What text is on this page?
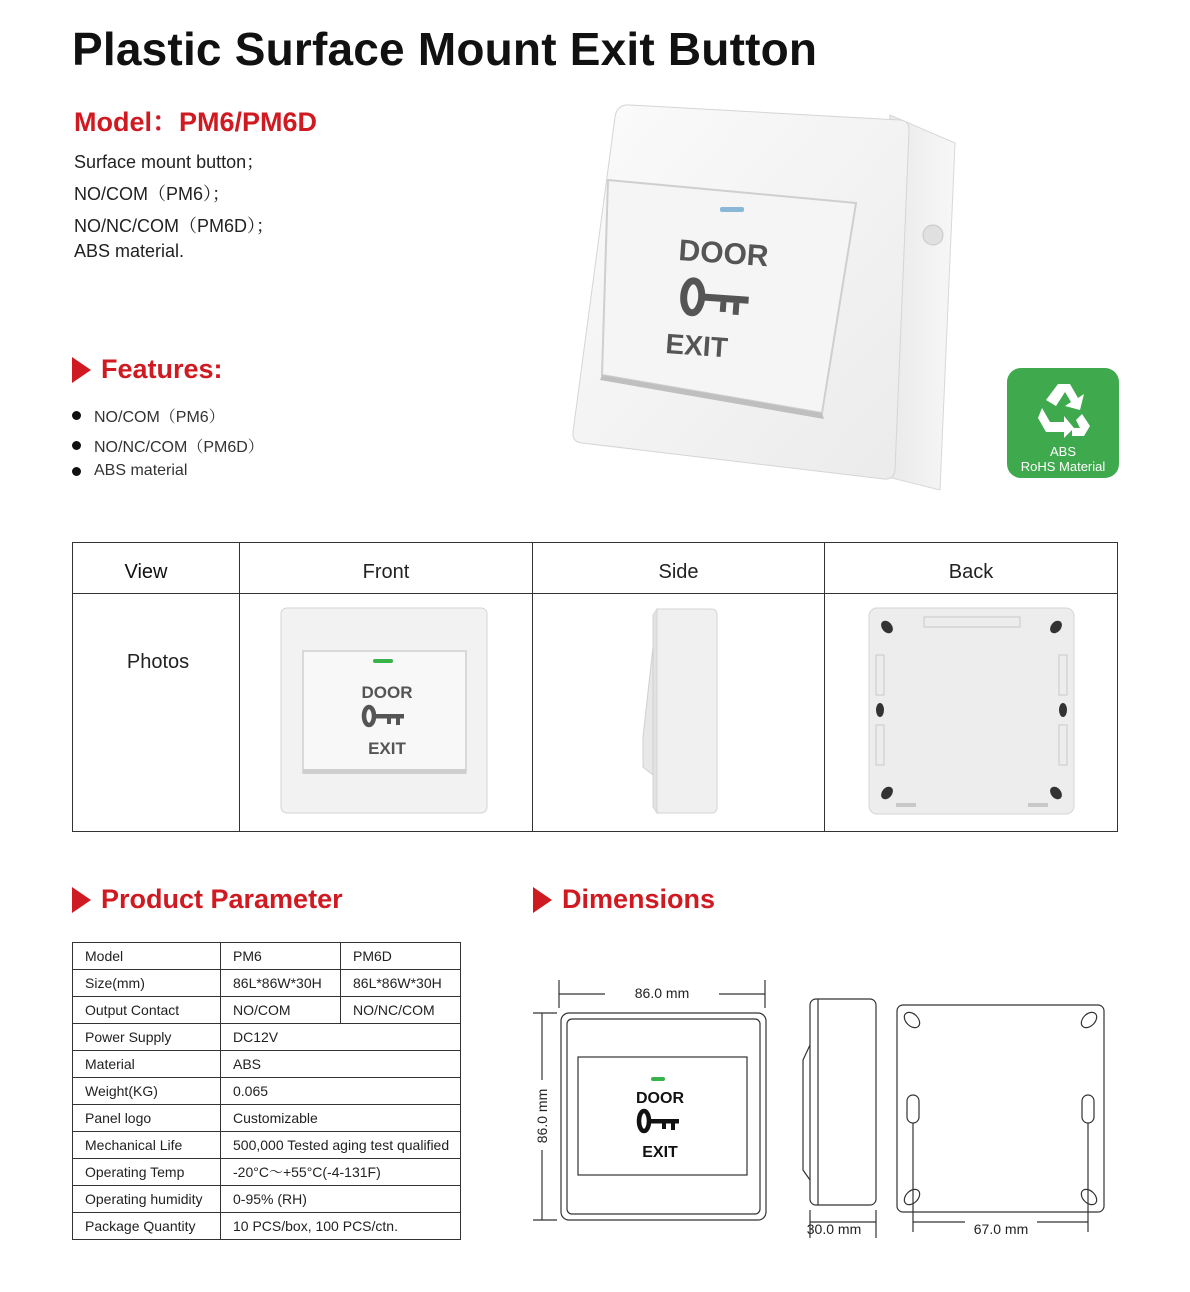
Plastic Surface Mount Exit Button
Model：PM6/PM6D
Surface mount button；
NO/COM（PM6）；
NO/NC/COM（PM6D）；
ABS material.
Features:
NO/COM（PM6）
NO/NC/COM（PM6D）
ABS material
DOOR
EXIT
ABS
RoHS Material
View	Front	Side	Back
Photos
DOOR
EXIT
Product Parameter
Model	PM6	PM6D
Size(mm)	86L*86W*30H	86L*86W*30H
Output Contact	NO/COM	NO/NC/COM
Power Supply	DC12V	
Material	ABS	
Weight(KG)	0.065	
Panel logo	Customizable	
Mechanical Life	500,000 Tested aging test qualified	
Operating Temp	-20°C～+55°C(-4-131F)	
Operating humidity	0-95% (RH)	
Package Quantity	10 PCS/box, 100 PCS/ctn.	
Dimensions
86.0 mm
86.0 mm	DOOR
EXIT
30.0 mm	67.0 mm
